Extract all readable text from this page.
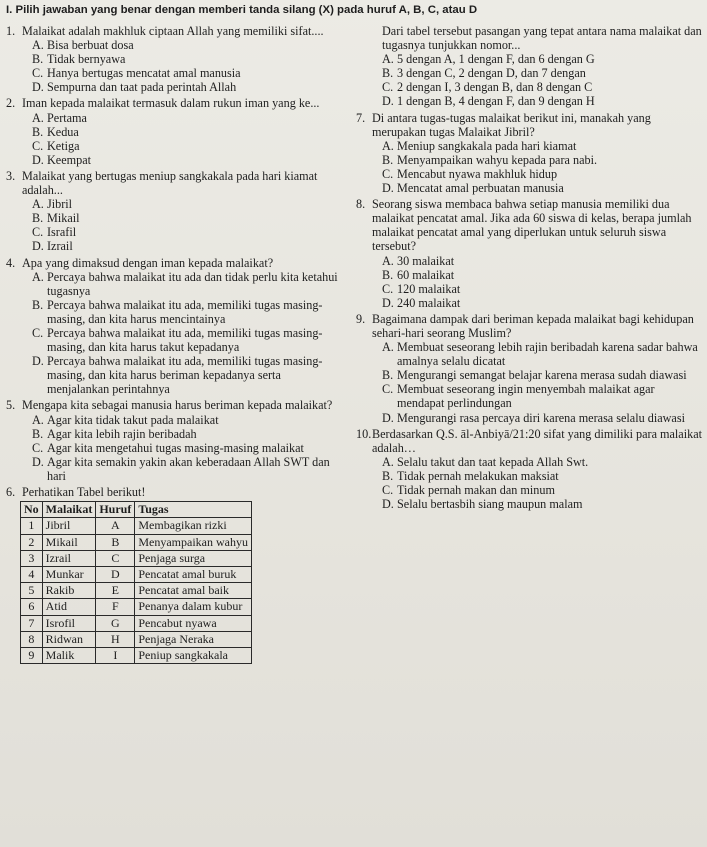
I. Pilih jawaban yang benar dengan memberi tanda silang (X) pada huruf A, B, C, atau D
1. Malaikat adalah makhluk ciptaan Allah yang memiliki sifat....
A. Bisa berbuat dosa
B. Tidak bernyawa
C. Hanya bertugas mencatat amal manusia
D. Sempurna dan taat pada perintah Allah
2. Iman kepada malaikat termasuk dalam rukun iman yang ke...
A. Pertama
B. Kedua
C. Ketiga
D. Keempat
3. Malaikat yang bertugas meniup sangkakala pada hari kiamat adalah...
A. Jibril
B. Mikail
C. Israfil
D. Izrail
4. Apa yang dimaksud dengan iman kepada malaikat?
A. Percaya bahwa malaikat itu ada dan tidak perlu kita ketahui tugasnya
B. Percaya bahwa malaikat itu ada, memiliki tugas masing-masing, dan kita harus mencintainya
C. Percaya bahwa malaikat itu ada, memiliki tugas masing-masing, dan kita harus takut kepadanya
D. Percaya bahwa malaikat itu ada, memiliki tugas masing-masing, dan kita harus beriman kepadanya serta menjalankan perintahnya
5. Mengapa kita sebagai manusia harus beriman kepada malaikat?
A. Agar kita tidak takut pada malaikat
B. Agar kita lebih rajin beribadah
C. Agar kita mengetahui tugas masing-masing malaikat
D. Agar kita semakin yakin akan keberadaan Allah SWT dan hari
6. Perhatikan Tabel berikut!
No	Malaikat	Huruf	Tugas
1	Jibril	A	Membagikan rizki
2	Mikail	B	Menyampaikan wahyu
3	Izrail	C	Penjaga surga
4	Munkar	D	Pencatat amal buruk
5	Rakib	E	Pencatat amal baik
6	Atid	F	Penanya dalam kubur
7	Isrofil	G	Pencabut nyawa
8	Ridwan	H	Penjaga Neraka
9	Malik	I	Peniup sangkakala
Dari tabel tersebut pasangan yang tepat antara nama malaikat dan tugasnya tunjukkan nomor...
A. 5 dengan A, 1 dengan F, dan 6 dengan G
B. 3 dengan C, 2 dengan D, dan 7 dengan
C. 2 dengan I, 3 dengan B, dan 8 dengan C
D. 1 dengan B, 4 dengan F, dan 9 dengan H
7. Di antara tugas-tugas malaikat berikut ini, manakah yang merupakan tugas Malaikat Jibril?
A. Meniup sangkakala pada hari kiamat
B. Menyampaikan wahyu kepada para nabi.
C. Mencabut nyawa makhluk hidup
D. Mencatat amal perbuatan manusia
8. Seorang siswa membaca bahwa setiap manusia memiliki dua malaikat pencatat amal. Jika ada 60 siswa di kelas, berapa jumlah malaikat pencatat amal yang diperlukan untuk seluruh siswa tersebut?
A. 30 malaikat
B. 60 malaikat
C. 120 malaikat
D. 240 malaikat
9. Bagaimana dampak dari beriman kepada malaikat bagi kehidupan sehari-hari seorang Muslim?
A. Membuat seseorang lebih rajin beribadah karena sadar bahwa amalnya selalu dicatat
B. Mengurangi semangat belajar karena merasa sudah diawasi
C. Membuat seseorang ingin menyembah malaikat agar mendapat perlindungan
D. Mengurangi rasa percaya diri karena merasa selalu diawasi
10. Berdasarkan Q.S. āl-Anbiyā/21:20 sifat yang dimiliki para malaikat adalah…
A. Selalu takut dan taat kepada Allah Swt.
B. Tidak pernah melakukan maksiat
C. Tidak pernah makan dan minum
D. Selalu bertasbih siang maupun malam
